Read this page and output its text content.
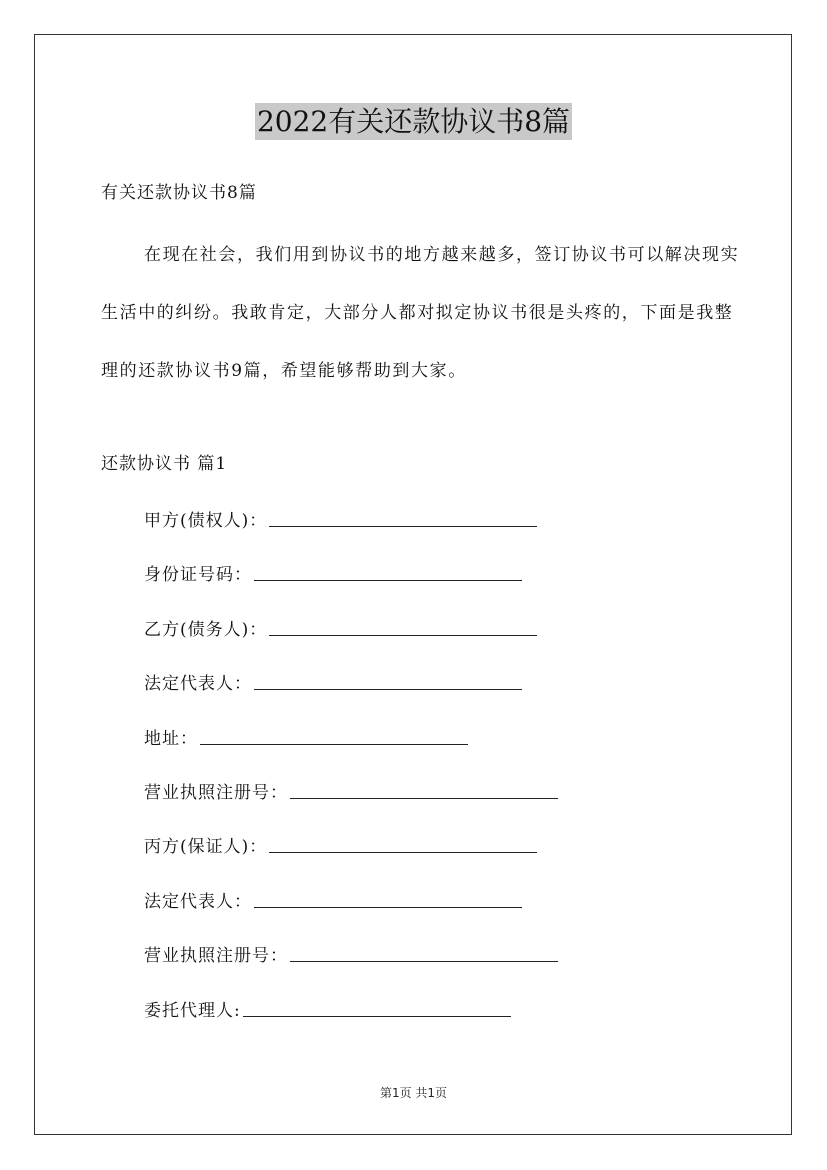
2022有关还款协议书8篇
有关还款协议书8篇

在现在社会，我们用到协议书的地方越来越多，签订协议书可以解决现实生活中的纠纷。我敢肯定，大部分人都对拟定协议书很是头疼的，下面是我整理的还款协议书9篇，希望能够帮助到大家。

还款协议书 篇1
甲方(债权人)：
身份证号码：
乙方(债务人)：
法定代表人：
地址：
营业执照注册号：
丙方(保证人)：
法定代表人：
营业执照注册号：
委托代理人:
第1页 共1页
